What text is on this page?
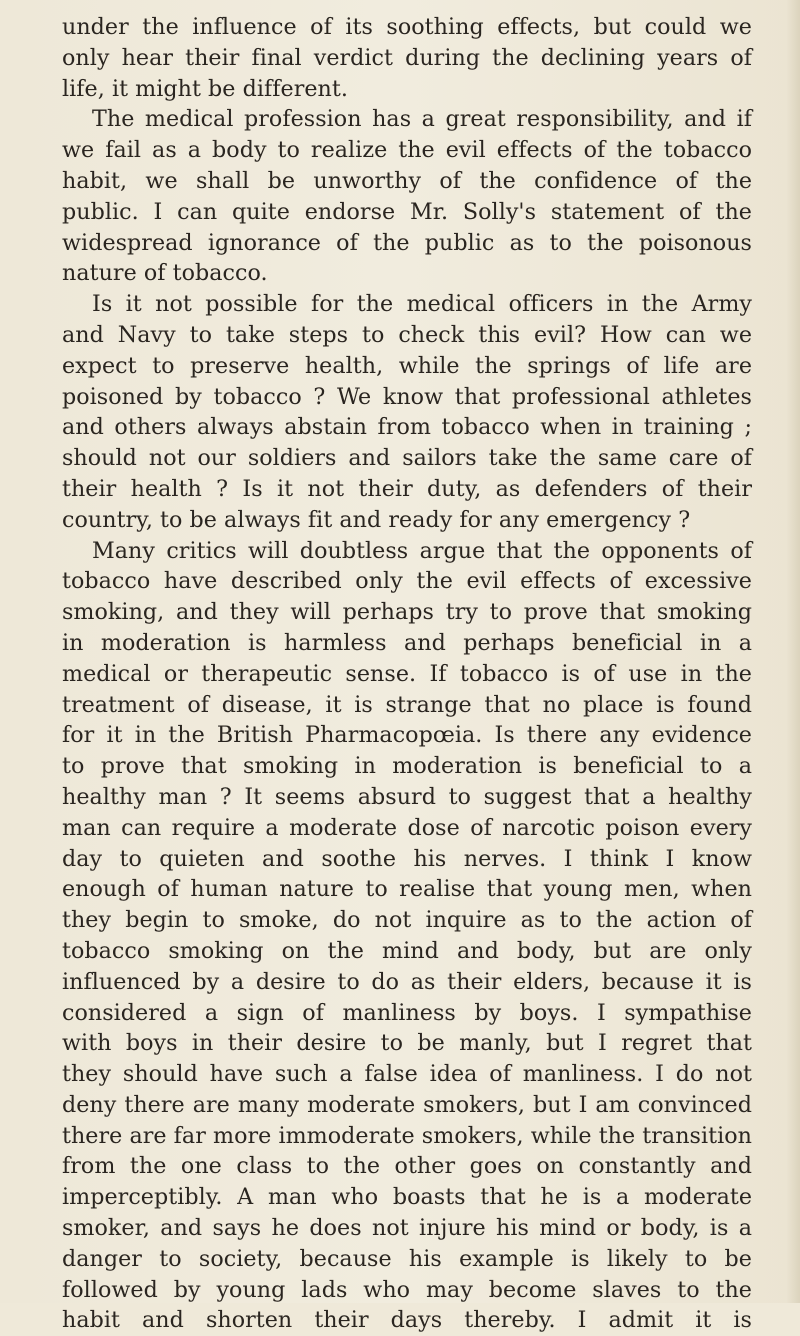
under the influence of its soothing effects, but could we
only hear their final verdict during the declining years of
life, it might be different.
The medical profession has a great responsibility, and if
we fail as a body to realize the evil effects of the tobacco
habit, we shall be unworthy of the confidence of the
public. I can quite endorse Mr. Solly's statement of the
widespread ignorance of the public as to the poisonous
nature of tobacco.
Is it not possible for the medical officers in the Army
and Navy to take steps to check this evil? How can we
expect to preserve health, while the springs of life are
poisoned by tobacco ? We know that professional athletes
and others always abstain from tobacco when in training ;
should not our soldiers and sailors take the same care of
their health ? Is it not their duty, as defenders of their
country, to be always fit and ready for any emergency ?
Many critics will doubtless argue that the opponents of
tobacco have described only the evil effects of excessive
smoking, and they will perhaps try to prove that smoking
in moderation is harmless and perhaps beneficial in a
medical or therapeutic sense. If tobacco is of use in the
treatment of disease, it is strange that no place is found
for it in the British Pharmacopœia. Is there any evidence
to prove that smoking in moderation is beneficial to a
healthy man ? It seems absurd to suggest that a healthy
man can require a moderate dose of narcotic poison every
day to quieten and soothe his nerves. I think I know
enough of human nature to realise that young men, when
they begin to smoke, do not inquire as to the action of
tobacco smoking on the mind and body, but are only
influenced by a desire to do as their elders, because it is
considered a sign of manliness by boys. I sympathise
with boys in their desire to be manly, but I regret that
they should have such a false idea of manliness. I do not
deny there are many moderate smokers, but I am convinced
there are far more immoderate smokers, while the transition
from the one class to the other goes on constantly and
imperceptibly. A man who boasts that he is a moderate
smoker, and says he does not injure his mind or body, is a
danger to society, because his example is likely to be
followed by young lads who may become slaves to the
habit and shorten their days thereby. I admit it is
